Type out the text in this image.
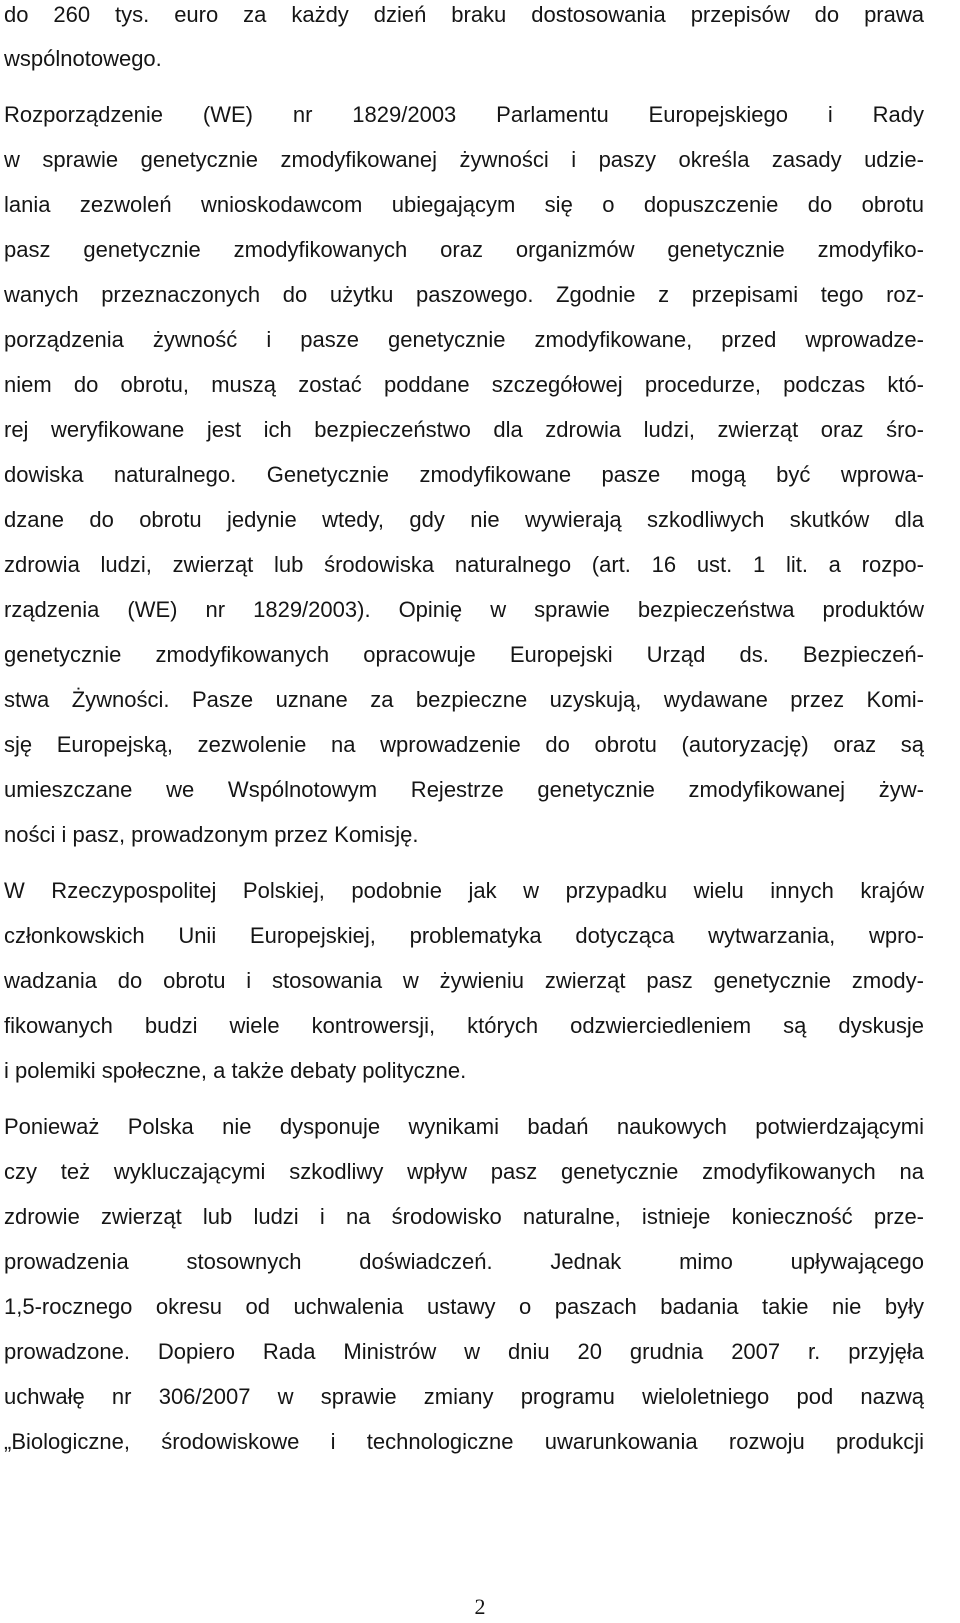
do 260 tys. euro za każdy dzień braku dostosowania przepisów do prawa
wspólnotowego.
Rozporządzenie (WE) nr 1829/2003 Parlamentu Europejskiego i Rady
w sprawie genetycznie zmodyfikowanej żywności i paszy określa zasady udzie-
lania zezwoleń wnioskodawcom ubiegającym się o dopuszczenie do obrotu
pasz genetycznie zmodyfikowanych oraz organizmów genetycznie zmodyfiko-
wanych przeznaczonych do użytku paszowego. Zgodnie z przepisami tego roz-
porządzenia żywność i pasze genetycznie zmodyfikowane, przed wprowadze-
niem do obrotu, muszą zostać poddane szczegółowej procedurze, podczas któ-
rej weryfikowane jest ich bezpieczeństwo dla zdrowia ludzi, zwierząt oraz śro-
dowiska naturalnego. Genetycznie zmodyfikowane pasze mogą być wprowa-
dzane do obrotu jedynie wtedy, gdy nie wywierają szkodliwych skutków dla
zdrowia ludzi, zwierząt lub środowiska naturalnego (art. 16 ust. 1 lit. a rozpo-
rządzenia (WE) nr 1829/2003). Opinię w sprawie bezpieczeństwa produktów
genetycznie zmodyfikowanych opracowuje Europejski Urząd ds. Bezpieczeń-
stwa Żywności. Pasze uznane za bezpieczne uzyskują, wydawane przez Komi-
sję Europejską, zezwolenie na wprowadzenie do obrotu (autoryzację) oraz są
umieszczane we Wspólnotowym Rejestrze genetycznie zmodyfikowanej żyw-
ności i pasz, prowadzonym przez Komisję.
W Rzeczypospolitej Polskiej, podobnie jak w przypadku wielu innych krajów
członkowskich Unii Europejskiej, problematyka dotycząca wytwarzania, wpro-
wadzania do obrotu i stosowania w żywieniu zwierząt pasz genetycznie zmody-
fikowanych budzi wiele kontrowersji, których odzwierciedleniem są dyskusje
i polemiki społeczne, a także debaty polityczne.
Ponieważ Polska nie dysponuje wynikami badań naukowych potwierdzającymi
czy też wykluczającymi szkodliwy wpływ pasz genetycznie zmodyfikowanych na
zdrowie zwierząt lub ludzi i na środowisko naturalne, istnieje konieczność prze-
prowadzenia stosownych doświadczeń. Jednak mimo upływającego
1,5-rocznego okresu od uchwalenia ustawy o paszach badania takie nie były
prowadzone. Dopiero Rada Ministrów w dniu 20 grudnia 2007 r. przyjęła
uchwałę nr 306/2007 w sprawie zmiany programu wieloletniego pod nazwą
„Biologiczne, środowiskowe i technologiczne uwarunkowania rozwoju produkcji
2
